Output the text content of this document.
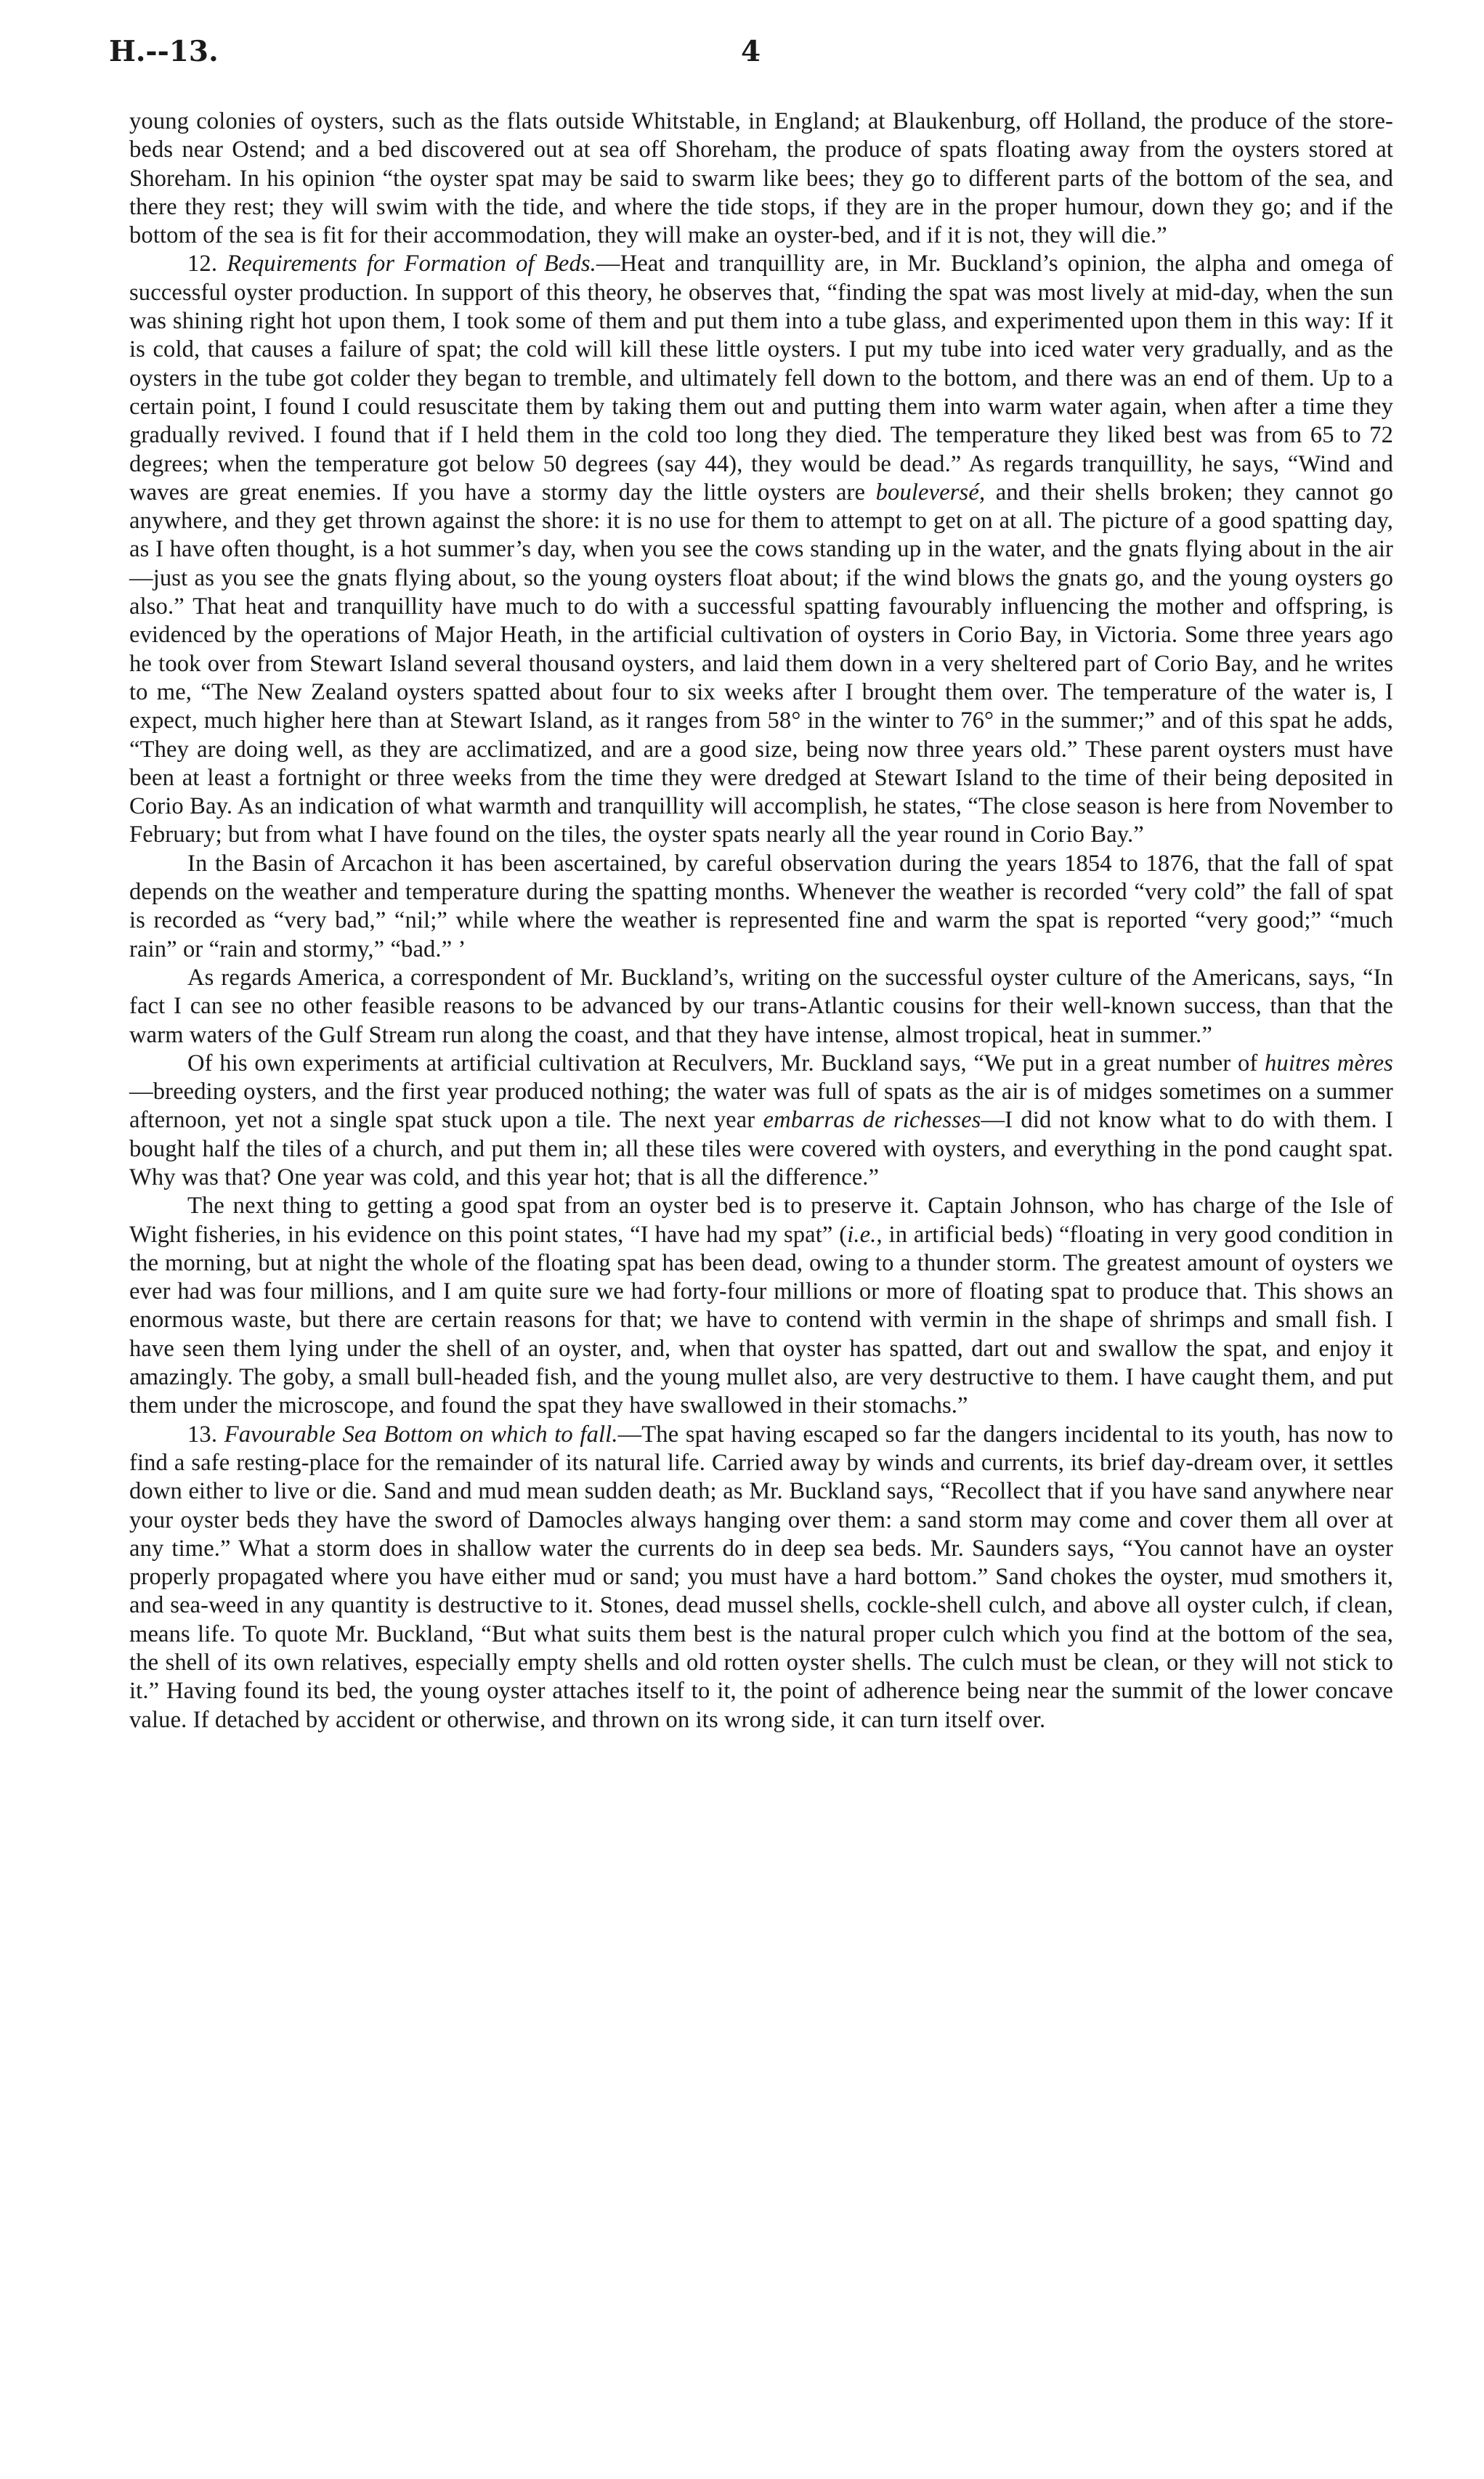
H.--13.	4

young colonies of oysters, such as the flats outside Whitstable, in England; at Blaukenburg, off Holland, the produce of the store-beds near Ostend; and a bed discovered out at sea off Shoreham, the produce of spats floating away from the oysters stored at Shoreham. In his opinion “the oyster spat may be said to swarm like bees; they go to different parts of the bottom of the sea, and there they rest; they will swim with the tide, and where the tide stops, if they are in the proper humour, down they go; and if the bottom of the sea is fit for their accommodation, they will make an oyster-bed, and if it is not, they will die.”

12. Requirements for Formation of Beds.—Heat and tranquillity are, in Mr. Buckland’s opinion, the alpha and omega of successful oyster production. In support of this theory, he observes that, “finding the spat was most lively at mid-day, when the sun was shining right hot upon them, I took some of them and put them into a tube glass, and experimented upon them in this way: If it is cold, that causes a failure of spat; the cold will kill these little oysters. I put my tube into iced water very gradually, and as the oysters in the tube got colder they began to tremble, and ultimately fell down to the bottom, and there was an end of them. Up to a certain point, I found I could resuscitate them by taking them out and putting them into warm water again, when after a time they gradually revived. I found that if I held them in the cold too long they died. The temperature they liked best was from 65 to 72 degrees; when the temperature got below 50 degrees (say 44), they would be dead.” As regards tranquillity, he says, “Wind and waves are great enemies. If you have a stormy day the little oysters are bouleversé, and their shells broken; they cannot go anywhere, and they get thrown against the shore: it is no use for them to attempt to get on at all. The picture of a good spatting day, as I have often thought, is a hot summer’s day, when you see the cows standing up in the water, and the gnats flying about in the air—just as you see the gnats flying about, so the young oysters float about; if the wind blows the gnats go, and the young oysters go also.” That heat and tranquillity have much to do with a successful spatting favourably influencing the mother and offspring, is evidenced by the operations of Major Heath, in the artificial cultivation of oysters in Corio Bay, in Victoria. Some three years ago he took over from Stewart Island several thousand oysters, and laid them down in a very sheltered part of Corio Bay, and he writes to me, “The New Zealand oysters spatted about four to six weeks after I brought them over. The temperature of the water is, I expect, much higher here than at Stewart Island, as it ranges from 58° in the winter to 76° in the summer;” and of this spat he adds, “They are doing well, as they are acclimatized, and are a good size, being now three years old.” These parent oysters must have been at least a fortnight or three weeks from the time they were dredged at Stewart Island to the time of their being deposited in Corio Bay. As an indication of what warmth and tranquillity will accomplish, he states, “The close season is here from November to February; but from what I have found on the tiles, the oyster spats nearly all the year round in Corio Bay.”

In the Basin of Arcachon it has been ascertained, by careful observation during the years 1854 to 1876, that the fall of spat depends on the weather and temperature during the spatting months. Whenever the weather is recorded “very cold” the fall of spat is recorded as “very bad,” “nil;” while where the weather is represented fine and warm the spat is reported “very good;” “much rain” or “rain and stormy,” “bad.” ’

As regards America, a correspondent of Mr. Buckland’s, writing on the successful oyster culture of the Americans, says, “In fact I can see no other feasible reasons to be advanced by our trans-Atlantic cousins for their well-known success, than that the warm waters of the Gulf Stream run along the coast, and that they have intense, almost tropical, heat in summer.”

Of his own experiments at artificial cultivation at Reculvers, Mr. Buckland says, “We put in a great number of huitres mères—breeding oysters, and the first year produced nothing; the water was full of spats as the air is of midges sometimes on a summer afternoon, yet not a single spat stuck upon a tile. The next year embarras de richesses—I did not know what to do with them. I bought half the tiles of a church, and put them in; all these tiles were covered with oysters, and everything in the pond caught spat. Why was that? One year was cold, and this year hot; that is all the difference.”

The next thing to getting a good spat from an oyster bed is to preserve it. Captain Johnson, who has charge of the Isle of Wight fisheries, in his evidence on this point states, “I have had my spat” (i.e., in artificial beds) “floating in very good condition in the morning, but at night the whole of the floating spat has been dead, owing to a thunder storm. The greatest amount of oysters we ever had was four millions, and I am quite sure we had forty-four millions or more of floating spat to produce that. This shows an enormous waste, but there are certain reasons for that; we have to contend with vermin in the shape of shrimps and small fish. I have seen them lying under the shell of an oyster, and, when that oyster has spatted, dart out and swallow the spat, and enjoy it amazingly. The goby, a small bull-headed fish, and the young mullet also, are very destructive to them. I have caught them, and put them under the microscope, and found the spat they have swallowed in their stomachs.”

13. Favourable Sea Bottom on which to fall.—The spat having escaped so far the dangers incidental to its youth, has now to find a safe resting-place for the remainder of its natural life. Carried away by winds and currents, its brief day-dream over, it settles down either to live or die. Sand and mud mean sudden death; as Mr. Buckland says, “Recollect that if you have sand anywhere near your oyster beds they have the sword of Damocles always hanging over them: a sand storm may come and cover them all over at any time.” What a storm does in shallow water the currents do in deep sea beds. Mr. Saunders says, “You cannot have an oyster properly propagated where you have either mud or sand; you must have a hard bottom.” Sand chokes the oyster, mud smothers it, and sea-weed in any quantity is destructive to it. Stones, dead mussel shells, cockle-shell culch, and above all oyster culch, if clean, means life. To quote Mr. Buckland, “But what suits them best is the natural proper culch which you find at the bottom of the sea, the shell of its own relatives, especially empty shells and old rotten oyster shells. The culch must be clean, or they will not stick to it.” Having found its bed, the young oyster attaches itself to it, the point of adherence being near the summit of the lower concave value. If detached by accident or otherwise, and thrown on its wrong side, it can turn itself over.
